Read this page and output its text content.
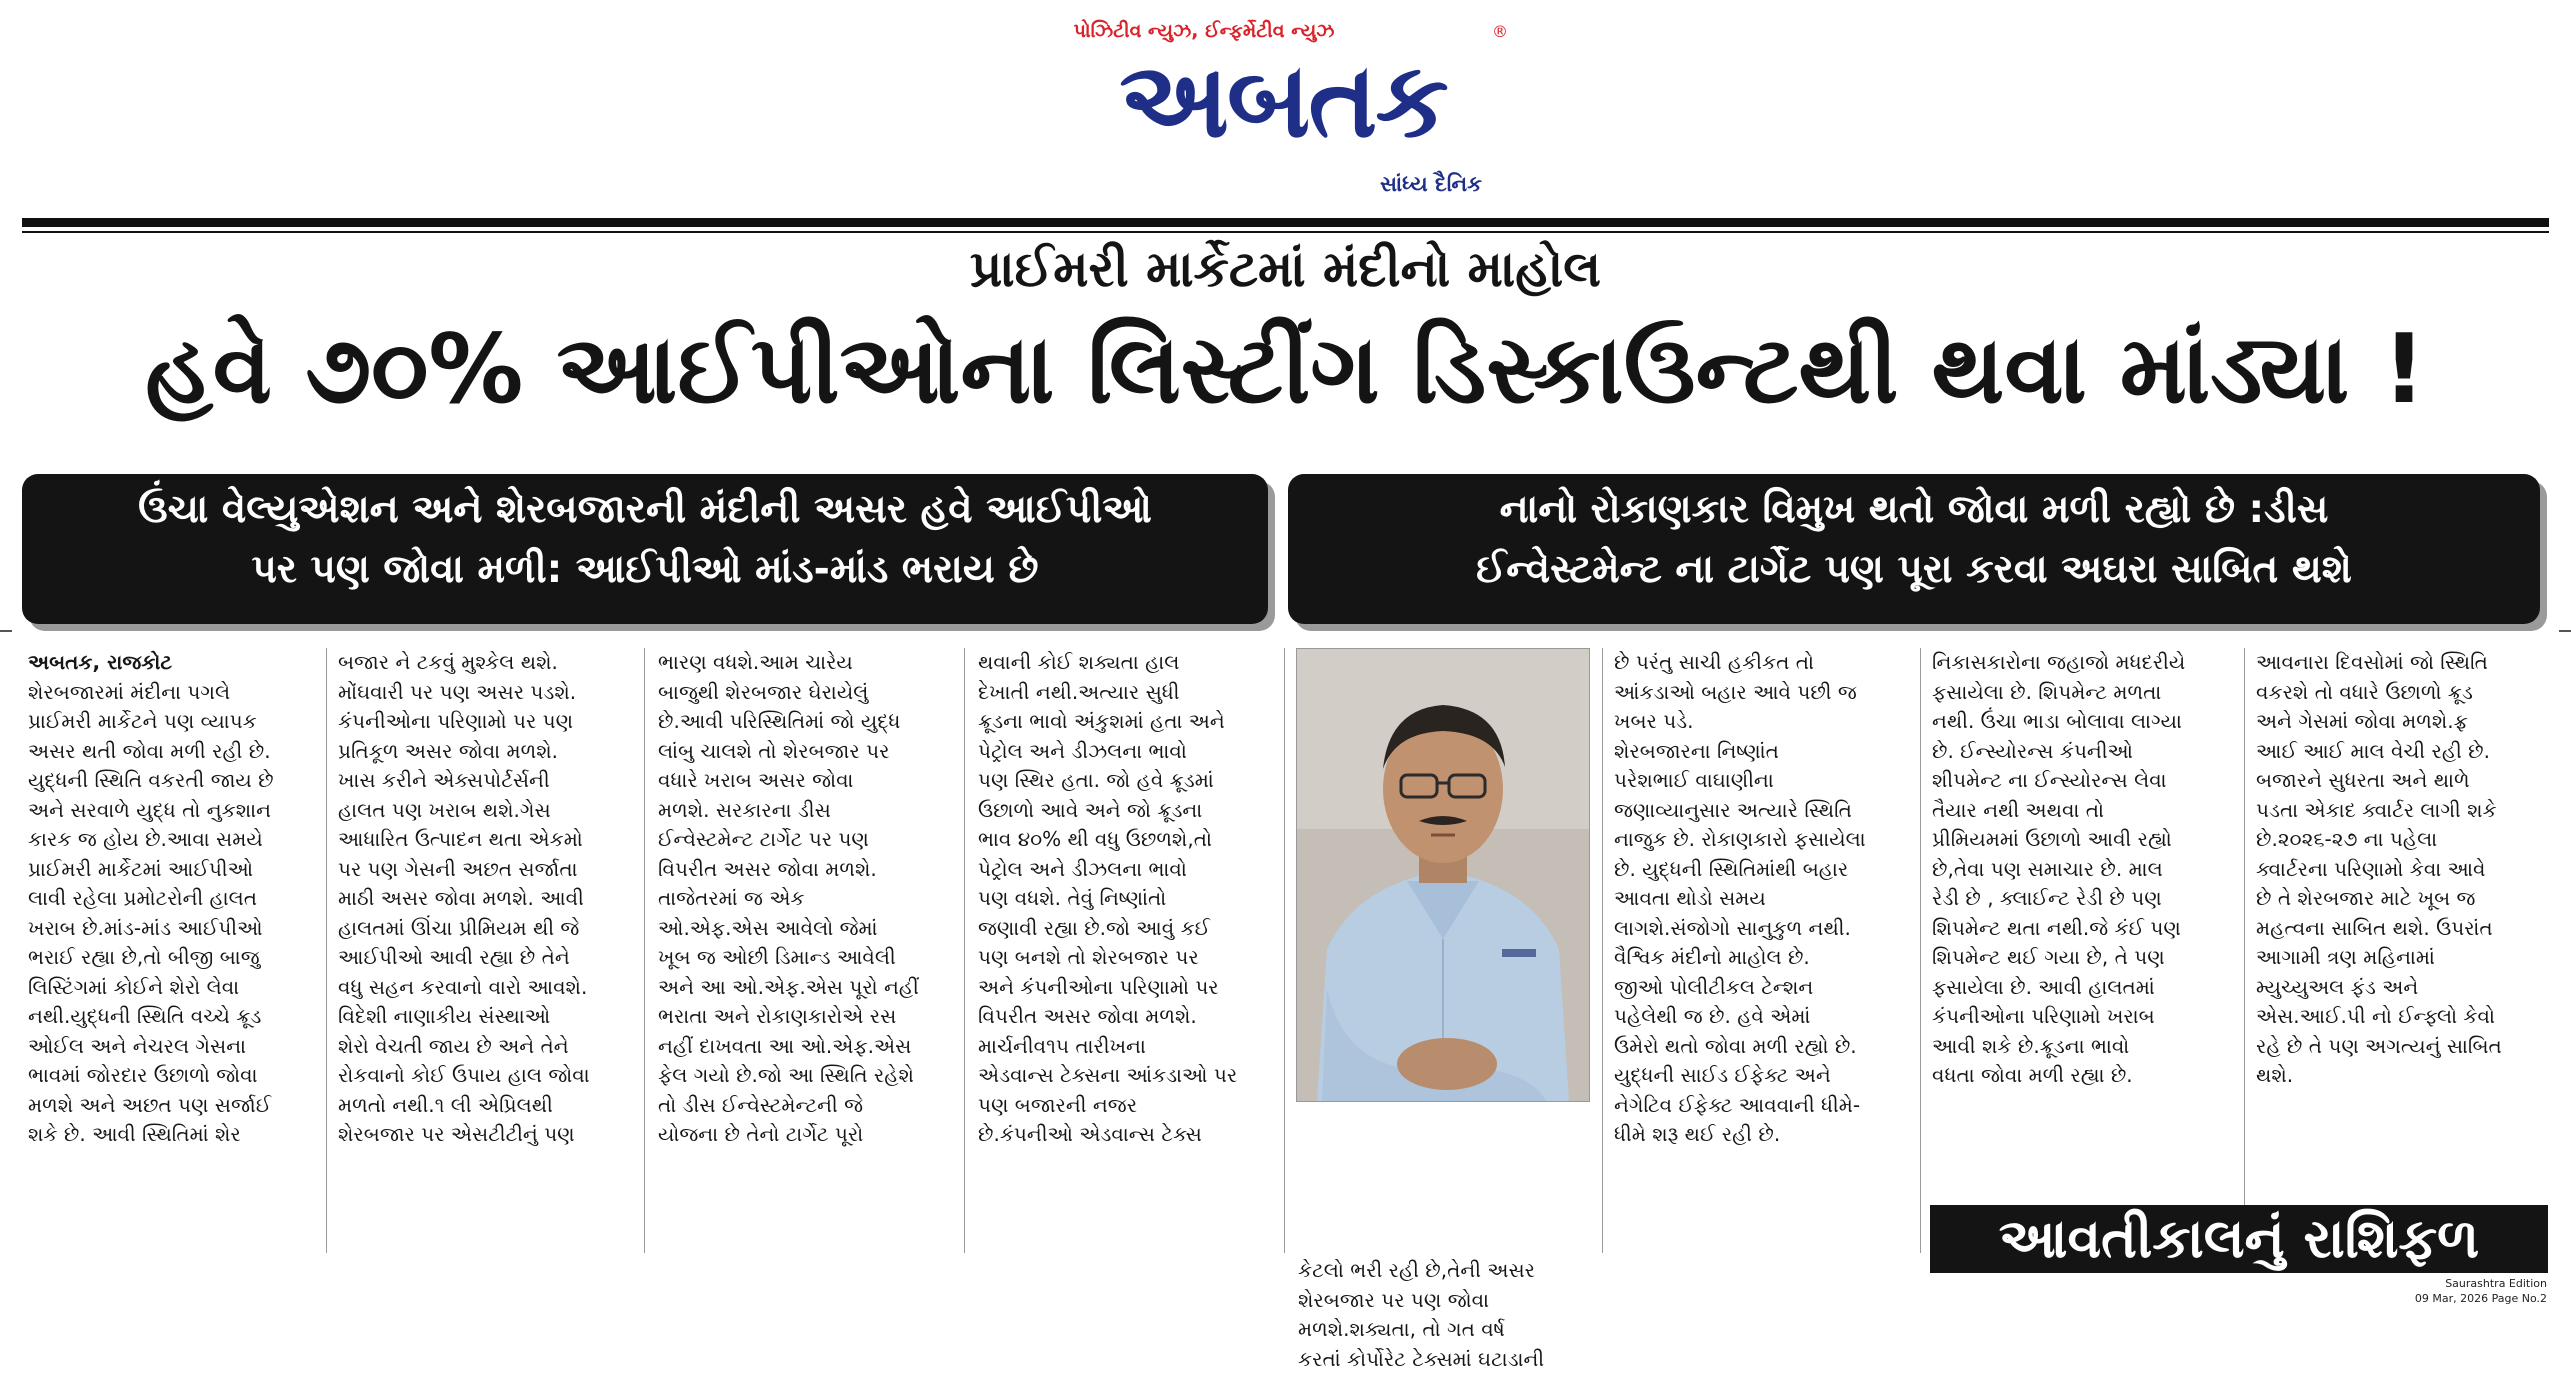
પોઝિટીવ ન્યુઝ, ઈન્ફર્મેટીવ ન્યુઝ
અબતક
®
સાંધ્ય દૈનિક
પ્રાઈમરી માર્કેટમાં મંદીનો માહોલ
હવે ૭૦% આઈપીઓના લિસ્ટીંગ ડિસ્કાઉન્ટથી થવા માંડ્યા !
ઉંચા વેલ્યુએશન અને શેરબજારની મંદીની અસર હવે આઈપીઓ
પર પણ જોવા મળી: આઈપીઓ માંડ-માંડ ભરાય છે
નાનો રોકાણકાર વિમુખ થતો જોવા મળી રહ્યો છે :ડીસ
ઈન્વેસ્ટમેન્ટ ના ટાર્ગેટ પણ પૂરા કરવા અઘરા સાબિત થશે
અબતક, રાજકોટ
શેરબજારમાં મંદીના પગલે
પ્રાઈમરી માર્કેટને પણ વ્યાપક
અસર થતી જોવા મળી રહી છે.
યુદ્ધની સ્થિતિ વકરતી જાય છે
અને સરવાળે યુદ્ધ તો નુકશાન
કારક જ હોય છે.આવા સમયે
પ્રાઈમરી માર્કેટમાં આઈપીઓ
લાવી રહેલા પ્રમોટરોની હાલત
ખરાબ છે.માંડ-માંડ આઈપીઓ
ભરાઈ રહ્યા છે,તો બીજી બાજુ
લિસ્ટિંગમાં કોઈને શેરો લેવા
નથી.યુદ્ધની સ્થિતિ વચ્ચે ક્રૂડ
ઓઈલ અને નેચરલ ગેસના
ભાવમાં જોરદાર ઉછાળો જોવા
મળશે અને અછત પણ સર્જાઈ
શકે છે. આવી સ્થિતિમાં શેર
બજાર ને ટકવું મુશ્કેલ થશે.
મોંઘવારી પર પણ અસર પડશે.
કંપનીઓના પરિણામો પર પણ
પ્રતિકૂળ અસર જોવા મળશે.
ખાસ કરીને એક્સપોર્ટર્સની
હાલત પણ ખરાબ થશે.ગેસ
આધારિત ઉત્પાદન થતા એકમો
પર પણ ગેસની અછત સર્જાતા
માઠી અસર જોવા મળશે. આવી
હાલતમાં ઊંચા પ્રીમિયમ થી જે
આઈપીઓ આવી રહ્યા છે તેને
વધુ સહન કરવાનો વારો આવશે.
વિદેશી નાણાકીય સંસ્થાઓ
શેરો વેચતી જાય છે અને તેને
રોકવાનો કોઈ ઉપાય હાલ જોવા
મળતો નથી.૧ લી એપ્રિલથી
શેરબજાર પર એસટીટીનું પણ
ભારણ વધશે.આમ ચારેય
બાજુથી શેરબજાર ઘેરાયેલું
છે.આવી પરિસ્થિતિમાં જો યુદ્ધ
લાંબુ ચાલશે તો શેરબજાર પર
વધારે ખરાબ અસર જોવા
મળશે. સરકારના ડીસ
ઈન્વેસ્ટમેન્ટ ટાર્ગેટ પર પણ
વિપરીત અસર જોવા મળશે.
તાજેતરમાં જ એક
ઓ.એફ.એસ આવેલો જેમાં
ખૂબ જ ઓછી ડિમાન્ડ આવેલી
અને આ ઓ.એફ.એસ પૂરો નહીં
ભરાતા અને રોકાણકારોએ રસ
નહીં દાખવતા આ ઓ.એફ.એસ
ફેલ ગયો છે.જો આ સ્થિતિ રહેશે
તો ડીસ ઈન્વેસ્ટમેન્ટની જે
યોજના છે તેનો ટાર્ગેટ પૂરો
થવાની કોઈ શક્યતા હાલ
દેખાતી નથી.અત્યાર સુધી
ક્રૂડના ભાવો અંકુશમાં હતા અને
પેટ્રોલ અને ડીઝલના ભાવો
પણ સ્થિર હતા. જો હવે ક્રૂડમાં
ઉછાળો આવે અને જો ક્રૂડના
ભાવ ૪૦% થી વધુ ઉછળશે,તો
પેટ્રોલ અને ડીઝલના ભાવો
પણ વધશે. તેવું નિષ્ણાંતો
જણાવી રહ્યા છે.જો આવું કઈ
પણ બનશે તો શેરબજાર પર
અને કંપનીઓના પરિણામો પર
વિપરીત અસર જોવા મળશે.
માર્ચનીવ૧૫ તારીખના
એડવાન્સ ટેક્સના આંકડાઓ પર
પણ બજારની નજર
છે.કંપનીઓ એડવાન્સ ટેક્સ
કેટલો ભરી રહી છે,તેની અસર
શેરબજાર પર પણ જોવા
મળશે.શક્યતા, તો ગત વર્ષ
કરતાં કોર્પોરેટ ટેક્સમાં ઘટાડાની
છે પરંતુ સાચી હકીકત તો
આંકડાઓ બહાર આવે પછી જ
ખબર પડે.
શેરબજારના નિષ્ણાંત
પરેશભાઈ વાઘાણીના
જણાવ્યાનુસાર અત્યારે સ્થિતિ
નાજુક છે. રોકાણકારો ફસાયેલા
છે. યુદ્ધની સ્થિતિમાંથી બહાર
આવતા થોડો સમય
લાગશે.સંજોગો સાનુકુળ નથી.
વૈશ્વિક મંદીનો માહોલ છે.
જીઓ પોલીટીકલ ટેન્શન
પહેલેથી જ છે. હવે એમાં
ઉમેરો થતો જોવા મળી રહ્યો છે.
યુદ્ધની સાઈડ ઈફેક્ટ અને
નેગેટિવ ઈફેક્ટ આવવાની ધીમે-
ધીમે શરૂ થઈ રહી છે.
નિકાસકારોના જહાજો મધદરીયે
ફસાયેલા છે. શિપમેન્ટ મળતા
નથી. ઉંચા ભાડા બોલાવા લાગ્યા
છે. ઈન્સ્યોરન્સ કંપનીઓ
શીપમેન્ટ ના ઈન્સ્યોરન્સ લેવા
તૈયાર નથી અથવા તો
પ્રીમિયમમાં ઉછાળો આવી રહ્યો
છે,તેવા પણ સમાચાર છે. માલ
રેડી છે , ક્લાઈન્ટ રેડી છે પણ
શિપમેન્ટ થતા નથી.જે કંઈ પણ
શિપમેન્ટ થઈ ગયા છે, તે પણ
ફસાયેલા છે. આવી હાલતમાં
કંપનીઓના પરિણામો ખરાબ
આવી શકે છે.ક્રૂડના ભાવો
વધતા જોવા મળી રહ્યા છે.
આવનારા દિવસોમાં જો સ્થિતિ
વકરશે તો વધારે ઉછાળો ક્રૂડ
અને ગેસમાં જોવા મળશે.ફ્ર
આઈ આઈ માલ વેચી રહી છે.
બજારને સુધરતા અને થાળે
પડતા એકાદ ક્વાર્ટર લાગી શકે
છે.૨૦૨૬-૨૭ ના પહેલા
ક્વાર્ટરના પરિણામો કેવા આવે
છે તે શેરબજાર માટે ખૂબ જ
મહત્વના સાબિત થશે. ઉપરાંત
આગામી ત્રણ મહિનામાં
મ્યુચ્યુઅલ ફંડ અને
એસ.આઈ.પી નો ઈન્ફ્લો કેવો
રહે છે તે પણ અગત્યનું સાબિત
થશે.
આવતીકાલનું રાશિફળ
Saurashtra Edition
09 Mar, 2026 Page No.2
